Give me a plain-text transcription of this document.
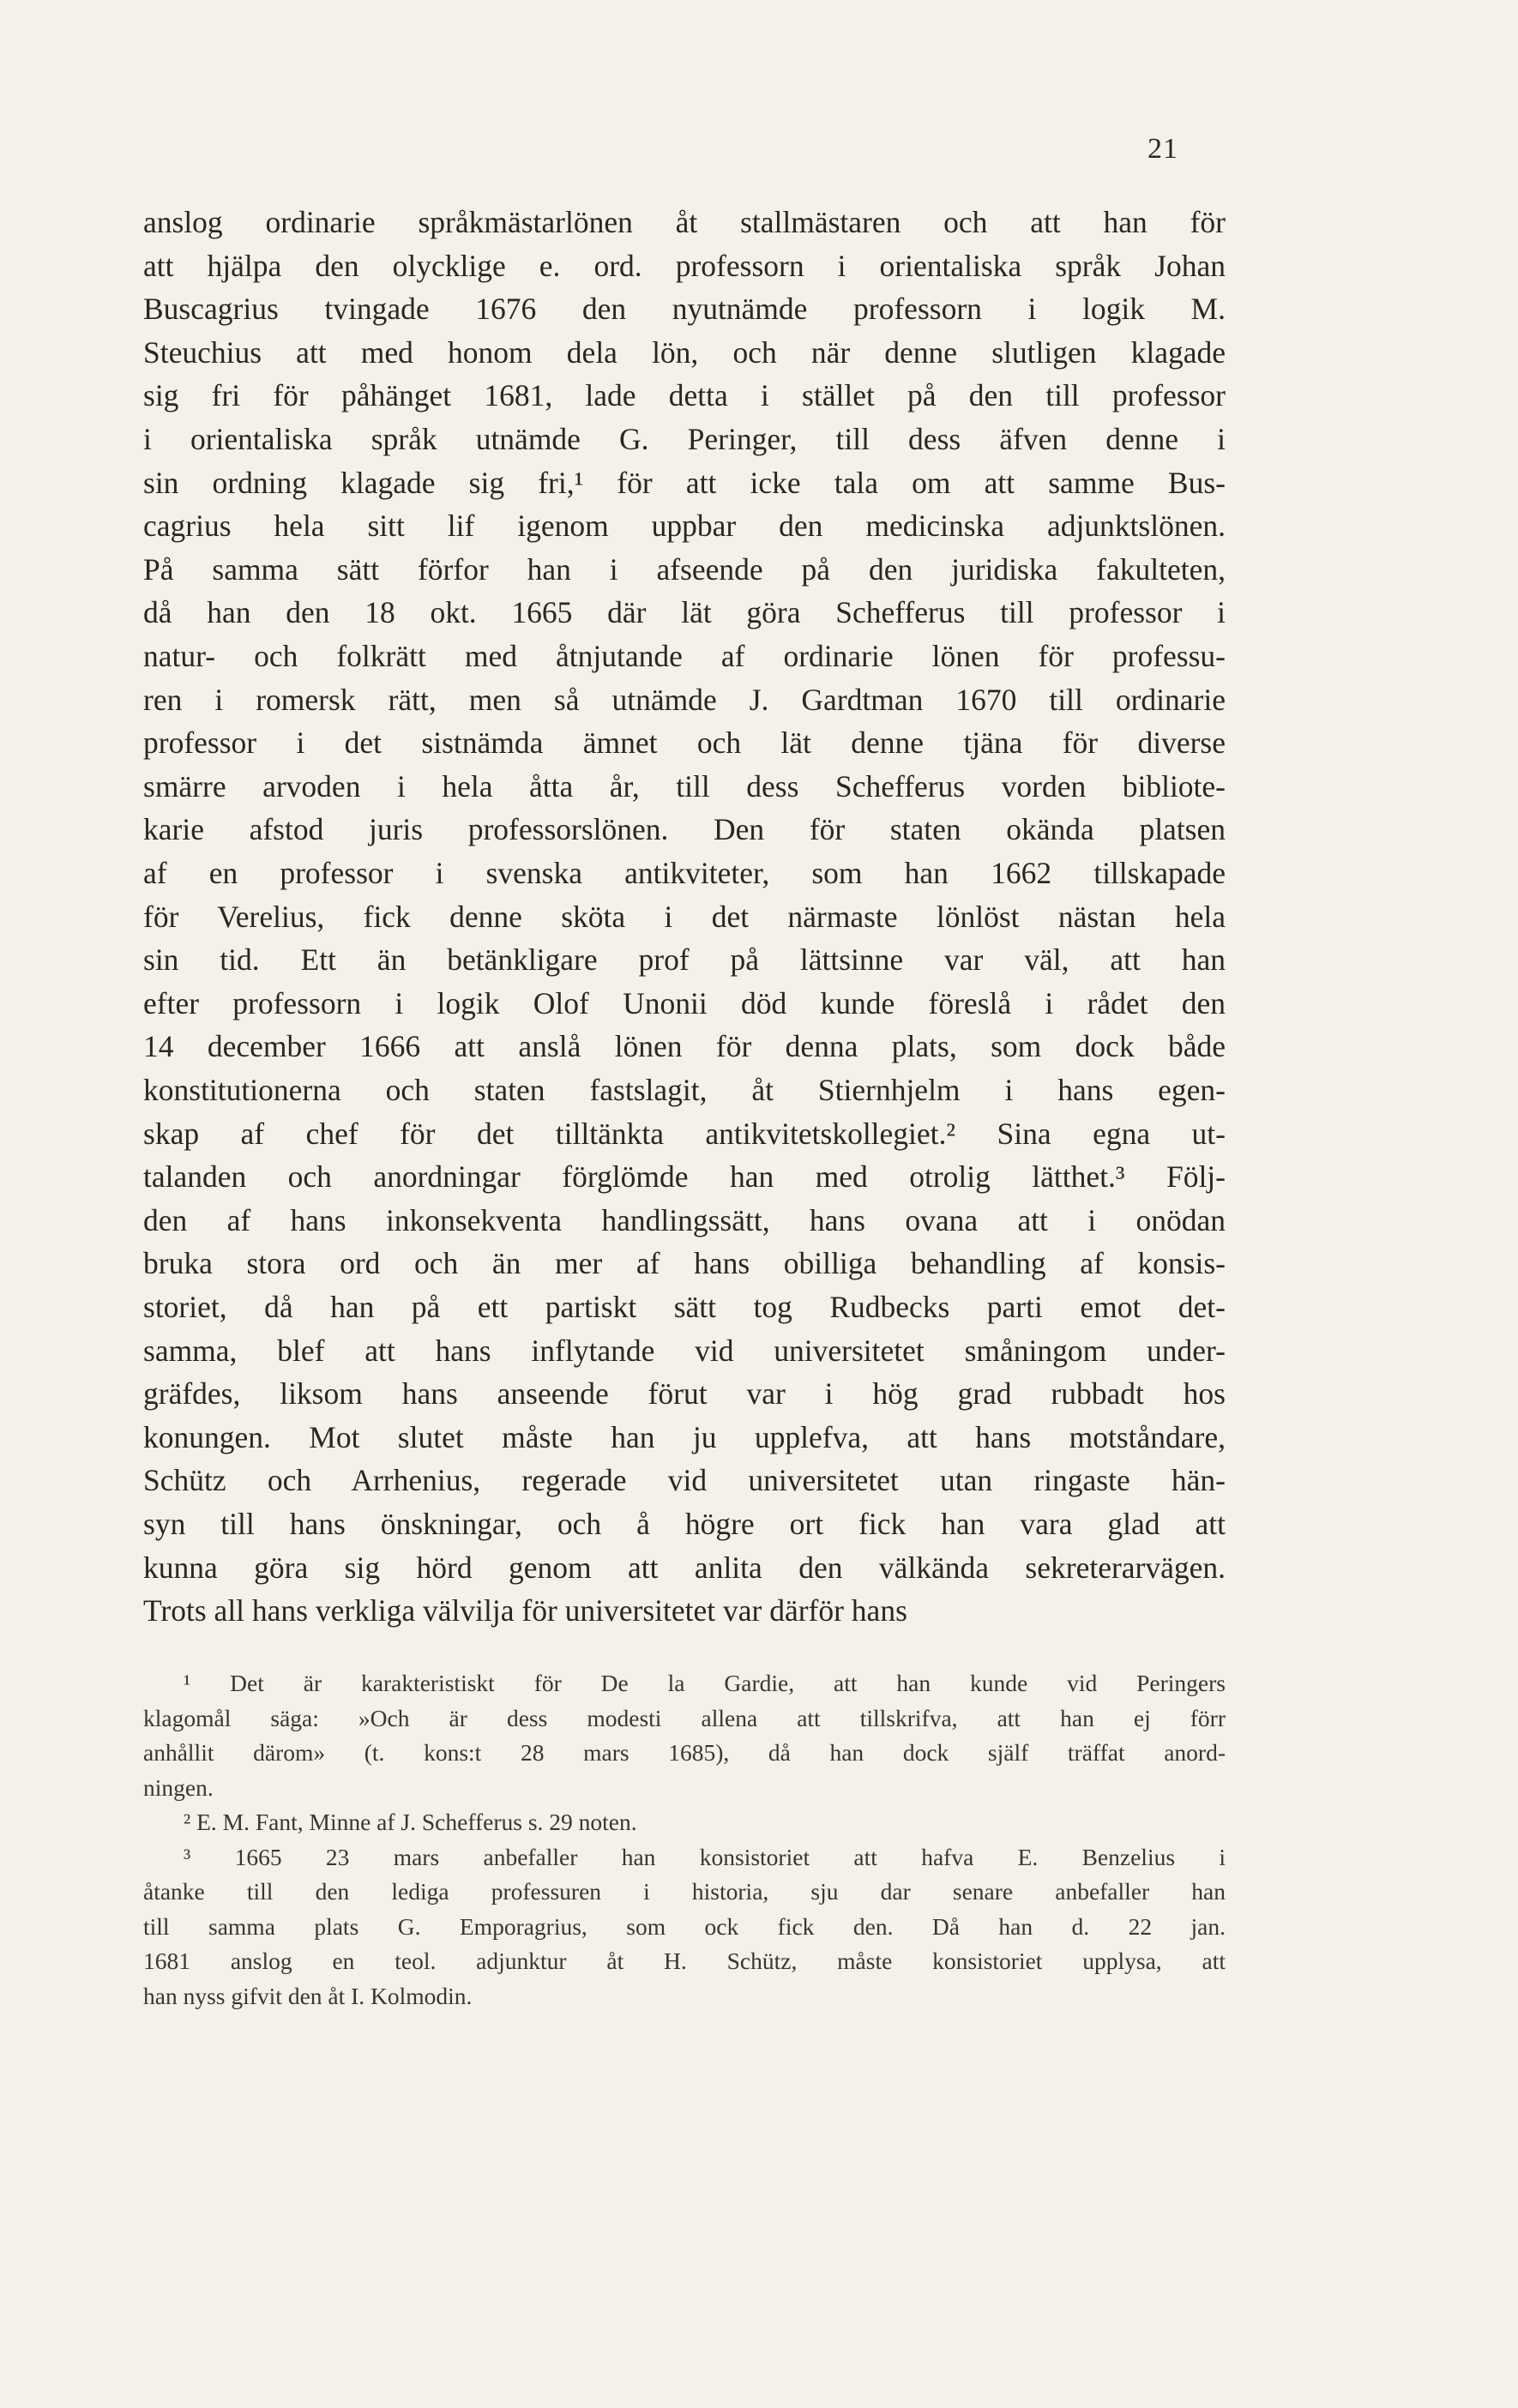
21
anslog ordinarie språkmästarlönen åt stallmästaren och att han för
att hjälpa den olycklige e. ord. professorn i orientaliska språk Johan
Buscagrius tvingade 1676 den nyutnämde professorn i logik M.
Steuchius att med honom dela lön, och när denne slutligen klagade
sig fri för påhänget 1681, lade detta i stället på den till professor
i orientaliska språk utnämde G. Peringer, till dess äfven denne i
sin ordning klagade sig fri,¹ för att icke tala om att samme Bus-
cagrius hela sitt lif igenom uppbar den medicinska adjunktslönen.
På samma sätt förfor han i afseende på den juridiska fakulteten,
då han den 18 okt. 1665 där lät göra Schefferus till professor i
natur- och folkrätt med åtnjutande af ordinarie lönen för professu-
ren i romersk rätt, men så utnämde J. Gardtman 1670 till ordinarie
professor i det sistnämda ämnet och lät denne tjäna för diverse
smärre arvoden i hela åtta år, till dess Schefferus vorden bibliote-
karie afstod juris professorslönen. Den för staten okända platsen
af en professor i svenska antikviteter, som han 1662 tillskapade
för Verelius, fick denne sköta i det närmaste lönlöst nästan hela
sin tid. Ett än betänkligare prof på lättsinne var väl, att han
efter professorn i logik Olof Unonii död kunde föreslå i rådet den
14 december 1666 att anslå lönen för denna plats, som dock både
konstitutionerna och staten fastslagit, åt Stiernhjelm i hans egen-
skap af chef för det tilltänkta antikvitetskollegiet.² Sina egna ut-
talanden och anordningar förglömde han med otrolig lätthet.³ Följ-
den af hans inkonsekventa handlingssätt, hans ovana att i onödan
bruka stora ord och än mer af hans obilliga behandling af konsis-
storiet, då han på ett partiskt sätt tog Rudbecks parti emot det-
samma, blef att hans inflytande vid universitetet småningom under-
gräfdes, liksom hans anseende förut var i hög grad rubbadt hos
konungen. Mot slutet måste han ju upplefva, att hans motståndare,
Schütz och Arrhenius, regerade vid universitetet utan ringaste hän-
syn till hans önskningar, och å högre ort fick han vara glad att
kunna göra sig hörd genom att anlita den välkända sekreterarvägen.
Trots all hans verkliga välvilja för universitetet var därför hans
¹ Det är karakteristiskt för De la Gardie, att han kunde vid Peringers
klagomål säga: »Och är dess modesti allena att tillskrifva, att han ej förr
anhållit därom» (t. kons:t 28 mars 1685), då han dock själf träffat anord-
ningen.
² E. M. Fant, Minne af J. Schefferus s. 29 noten.
³ 1665 23 mars anbefaller han konsistoriet att hafva E. Benzelius i
åtanke till den lediga professuren i historia, sju dar senare anbefaller han
till samma plats G. Emporagrius, som ock fick den. Då han d. 22 jan.
1681 anslog en teol. adjunktur åt H. Schütz, måste konsistoriet upplysa, att
han nyss gifvit den åt I. Kolmodin.
